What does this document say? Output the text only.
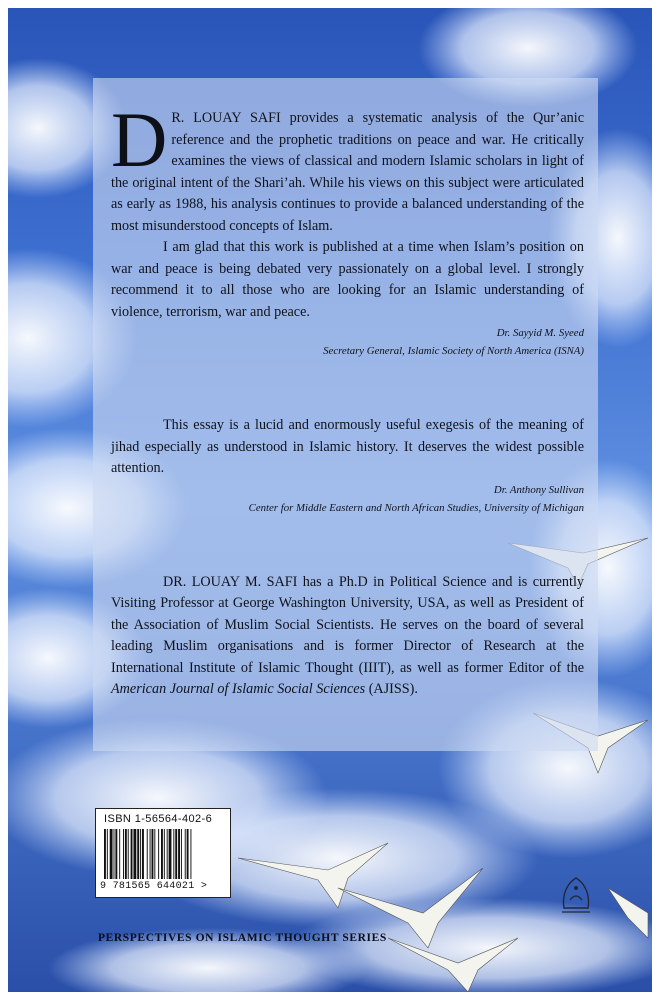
D R. LOUAY SAFI provides a systematic analysis of the Qur’anic reference and the prophetic traditions on peace and war. He critically examines the views of classical and modern Islamic scholars in light of the original intent of the Shari’ah. While his views on this subject were articulated as early as 1988, his analysis continues to provide a balanced understanding of the most misunderstood concepts of Islam.

I am glad that this work is published at a time when Islam’s position on war and peace is being debated very passionately on a global level. I strongly recommend it to all those who are looking for an Islamic understanding of violence, terrorism, war and peace.

Dr. Sayyid M. Syeed

Secretary General, Islamic Society of North America (ISNA)

This essay is a lucid and enormously useful exegesis of the meaning of jihad especially as understood in Islamic history. It deserves the widest possible attention.

Dr. Anthony Sullivan

Center for Middle Eastern and North African Studies, University of Michigan

DR. LOUAY M. SAFI has a Ph.D in Political Science and is currently Visiting Professor at George Washington University, USA, as well as President of the Association of Muslim Social Scientists. He serves on the board of several leading Muslim organisations and is former Director of Research at the International Institute of Islamic Thought (IIIT), as well as former Editor of the American Journal of Islamic Social Sciences (AJISS).

ISBN 1-56564-402-6
9 781565 644021 >
PERSPECTIVES ON ISLAMIC THOUGHT SERIES
